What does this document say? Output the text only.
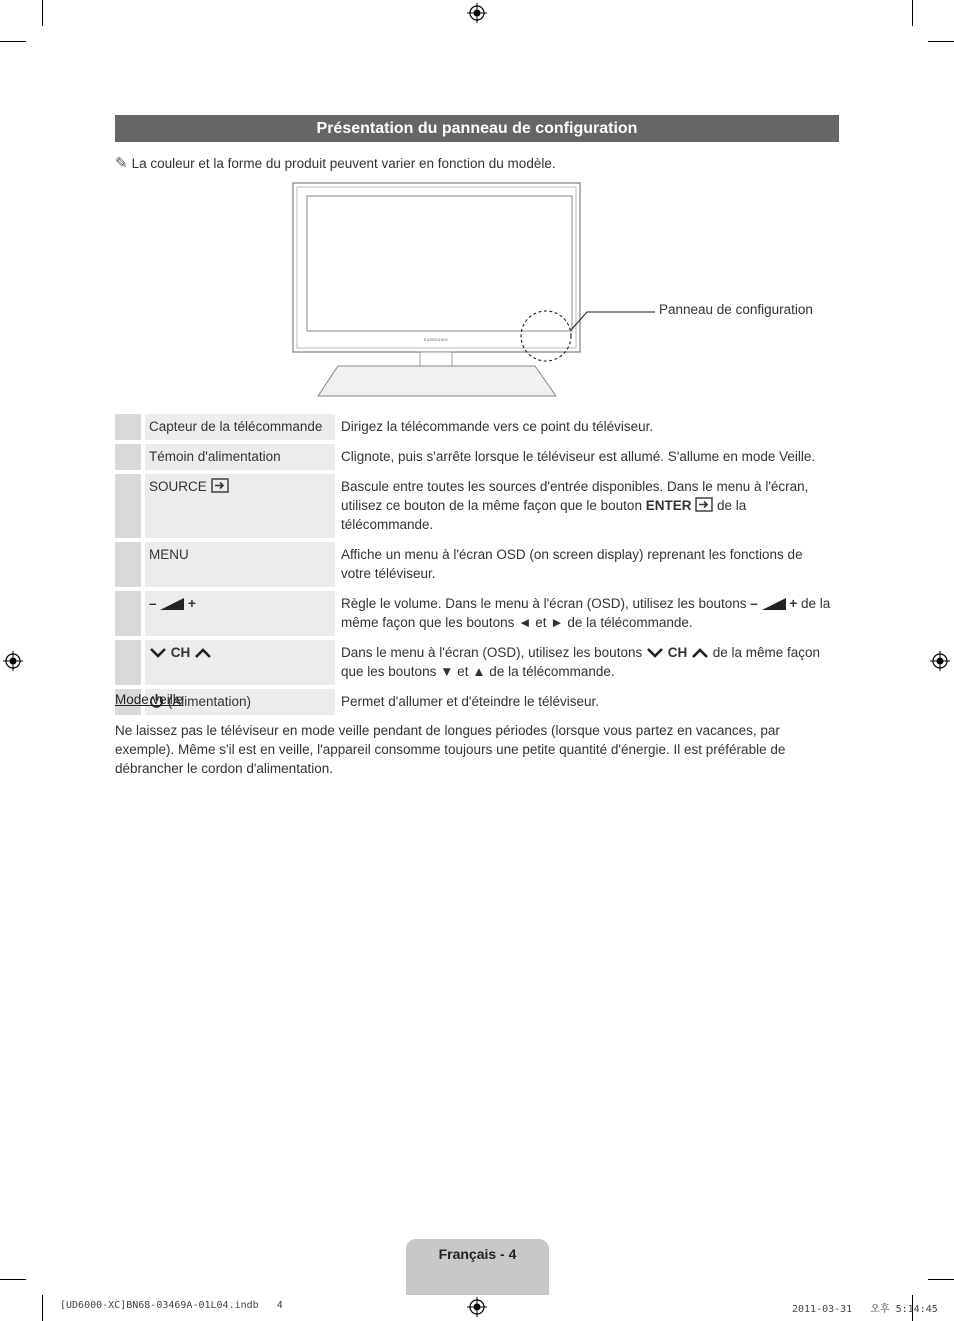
Présentation du panneau de configuration
✎ La couleur et la forme du produit peuvent varier en fonction du modèle.
SAMSUNG
Panneau de configuration
	Capteur de la télécommande	Dirigez la télécommande vers ce point du téléviseur.
	Témoin d'alimentation	Clignote, puis s'arrête lorsque le téléviseur est allumé. S'allume en mode Veille.
	SOURCE	Bascule entre toutes les sources d'entrée disponibles. Dans le menu à l'écran, utilisez ce bouton de la même façon que le bouton ENTER  de la télécommande.
	MENU	Affiche un menu à l'écran OSD (on screen display) reprenant les fonctions de votre téléviseur.
	– +	Règle le volume. Dans le menu à l'écran (OSD), utilisez les boutons – + de la même façon que les boutons ◄ et ► de la télécommande.
	CH	Dans le menu à l'écran (OSD), utilisez les boutons  CH  de la même façon que les boutons ▼ et ▲ de la télécommande.
	(Alimentation)	Permet d'allumer et d'éteindre le téléviseur.
Mode veille
Ne laissez pas le téléviseur en mode veille pendant de longues périodes (lorsque vous partez en vacances, par exemple). Même s'il est en veille, l'appareil consomme toujours une petite quantité d'énergie. Il est préférable de débrancher le cordon d'alimentation.
Français - 4
[UD6000-XC]BN68-03469A-01L04.indb   4	2011-03-31   오후 5:14:45
